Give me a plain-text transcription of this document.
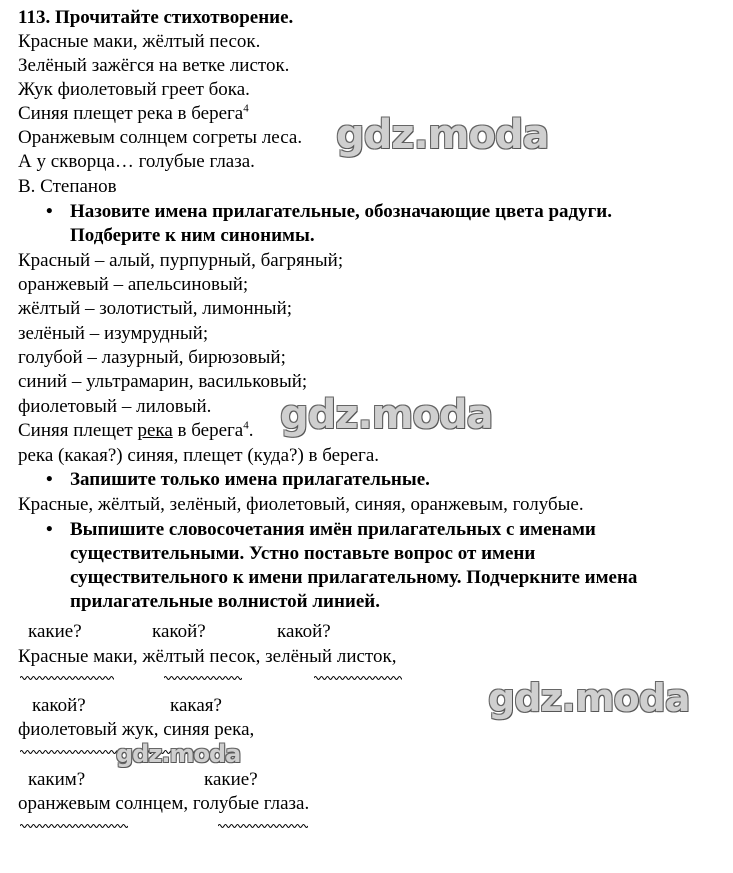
113. Прочитайте стихотворение.
Красные маки, жёлтый песок.
Зелёный зажёгся на ветке листок.
Жук фиолетовый греет бока.
Синяя плещет река в берега$^4$
Оранжевым солнцем согреты леса.
А у скворца… голубые глаза.
В. Степанов
• Назовите имена прилагательные, обозначающие цвета радуги.
Подберите к ним синонимы.
Красный – алый, пурпурный, багряный;
оранжевый – апельсиновый;
жёлтый – золотистый, лимонный;
зелёный – изумрудный;
голубой – лазурный, бирюзовый;
синий – ультрамарин, васильковый;
фиолетовый – лиловый.
Синяя плещет река в берега$^4$.
река (какая?) синяя, плещет (куда?) в берега.
• Запишите только имена прилагательные.
Красные, жёлтый, зелёный, фиолетовый, синяя, оранжевым, голубые.
• Выпишите словосочетания имён прилагательных с именами
существительными. Устно поставьте вопрос от имени
существительного к имени прилагательному. Подчеркните имена
прилагательные волнистой линией.
какие?	какой?	какой?
Красные маки, жёлтый песок, зелёный листок,
какой?	какая?
фиолетовый жук, синяя река,
каким?	какие?
оранжевым солнцем, голубые глаза.
gdz.moda
gdz.moda
gdz.moda
gdz.moda
